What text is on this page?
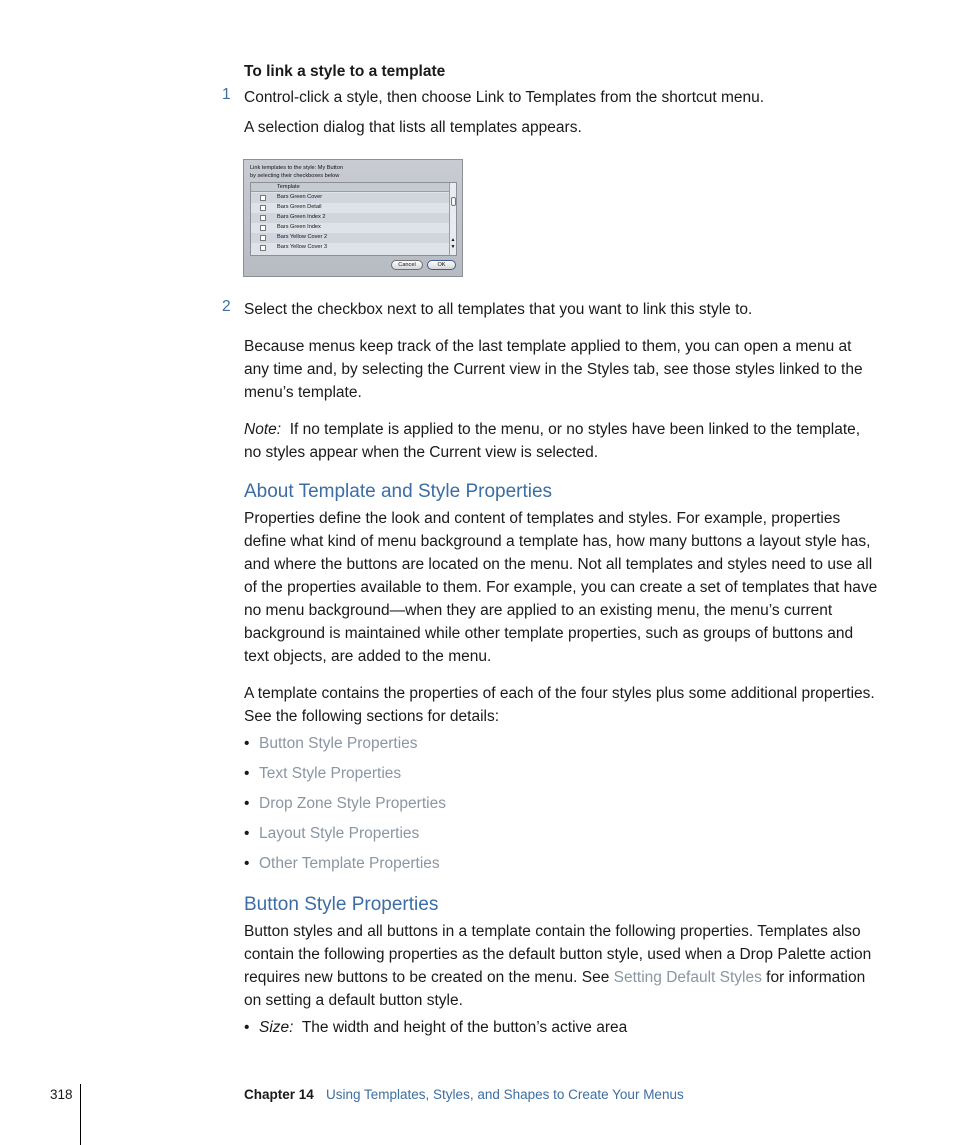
To link a style to a template
1 Control-click a style, then choose Link to Templates from the shortcut menu.
A selection dialog that lists all templates appears.
Link templates to the style: My Button
by selecting their checkboxes below
Template
Bars Green Cover
Bars Green Detail
Bars Green Index 2
Bars Green Index
Bars Yellow Cover 2
Bars Yellow Cover 3
▲
▼
Cancel	OK
2 Select the checkbox next to all templates that you want to link this style to.
Because menus keep track of the last template applied to them, you can open a menu at any time and, by selecting the Current view in the Styles tab, see those styles linked to the menu’s template.
Note: If no template is applied to the menu, or no styles have been linked to the template, no styles appear when the Current view is selected.
About Template and Style Properties
Properties define the look and content of templates and styles. For example, properties define what kind of menu background a template has, how many buttons a layout style has, and where the buttons are located on the menu. Not all templates and styles need to use all of the properties available to them. For example, you can create a set of templates that have no menu background—when they are applied to an existing menu, the menu’s current background is maintained while other template properties, such as groups of buttons and text objects, are added to the menu.
A template contains the properties of each of the four styles plus some additional properties. See the following sections for details:
• Button Style Properties
• Text Style Properties
• Drop Zone Style Properties
• Layout Style Properties
• Other Template Properties
Button Style Properties
Button styles and all buttons in a template contain the following properties. Templates also contain the following properties as the default button style, used when a Drop Palette action requires new buttons to be created on the menu. See Setting Default Styles for information on setting a default button style.
• Size: The width and height of the button’s active area
318	Chapter 14 Using Templates, Styles, and Shapes to Create Your Menus
